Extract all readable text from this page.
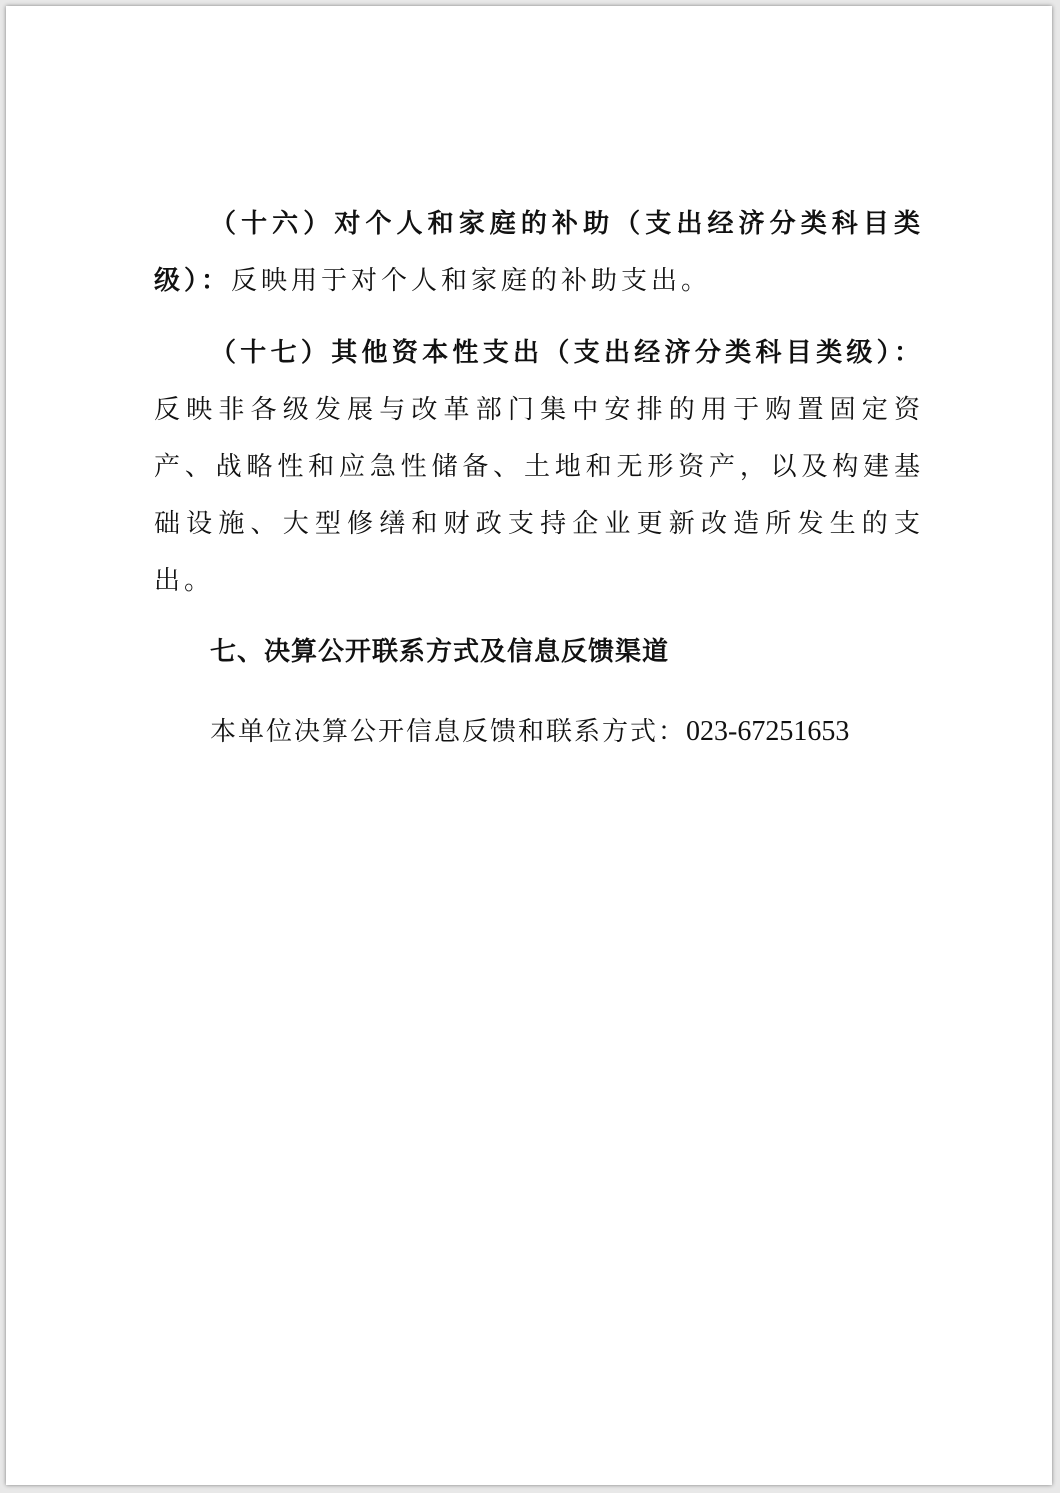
（十六）对个人和家庭的补助（支出经济分类科目类级）：反映用于对个人和家庭的补助支出。

（十七）其他资本性支出（支出经济分类科目类级）：反映非各级发展与改革部门集中安排的用于购置固定资产、战略性和应急性储备、土地和无形资产，以及构建基础设施、大型修缮和财政支持企业更新改造所发生的支出。

七、决算公开联系方式及信息反馈渠道

本单位决算公开信息反馈和联系方式：023-67251653
